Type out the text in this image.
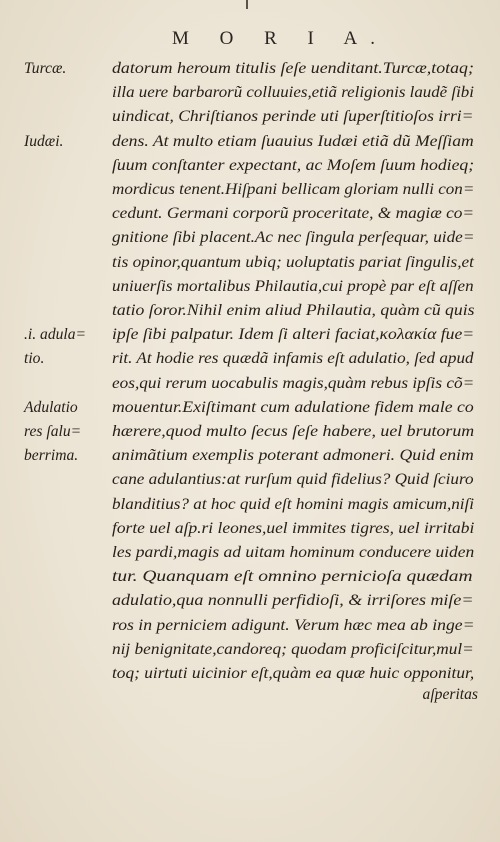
M O R I A.
datorum heroum titulis ſeſe uenditant.Turcæ,totaq;
illa uere barbarorũ colluuies,etiã religionis laudẽ ſibi
uindicat, Chriſtianos perinde uti ſuperſtitioſos irri=
dens. At multo etiam ſuauius Iudæi etiã dũ Meſſiam
ſuum conſtanter expectant, ac Moſem ſuum hodieq;
mordicus tenent.Hiſpani bellicam gloriam nulli con=
cedunt. Germani corporũ proceritate, & magiæ co=
gnitione ſibi placent.Ac nec ſingula perſequar, uide=
tis opinor,quantum ubiq; uoluptatis pariat ſingulis,et
uniuerſis mortalibus Philautia,cui propè par eſt aſſen
tatio ſoror.Nihil enim aliud Philautia, quàm cũ quis
ipſe ſibi palpatur. Idem ſi alteri faciat,κολακία fue=
rit. At hodie res quædã infamis eſt adulatio, ſed apud
eos,qui rerum uocabulis magis,quàm rebus ipſis cõ=
mouentur.Exiſtimant cum adulatione fidem male co
hærere,quod multo ſecus ſeſe habere, uel brutorum
animãtium exemplis poterant admoneri. Quid enim
cane adulantius:at rurſum quid fidelius? Quid ſciuro
blanditius? at hoc quid eſt homini magis amicum,niſi
forte uel aſp.ri leones,uel immites tigres, uel irritabi
les pardi,magis ad uitam hominum conducere uiden
tur. Quanquam eſt omnino pernicioſa quædam
adulatio,qua nonnulli perfidioſi, & irriſores miſe=
ros in perniciem adigunt. Verum hæc mea ab inge=
nij benignitate,candoreq; quodam proficiſcitur,mul=
toq; uirtuti uicinior eſt,quàm ea quæ huic opponitur,
Turcæ.
Iudæi.
.i. adula=
tio.
Adulatio
res ſalu=
berrima.
aſperitas
